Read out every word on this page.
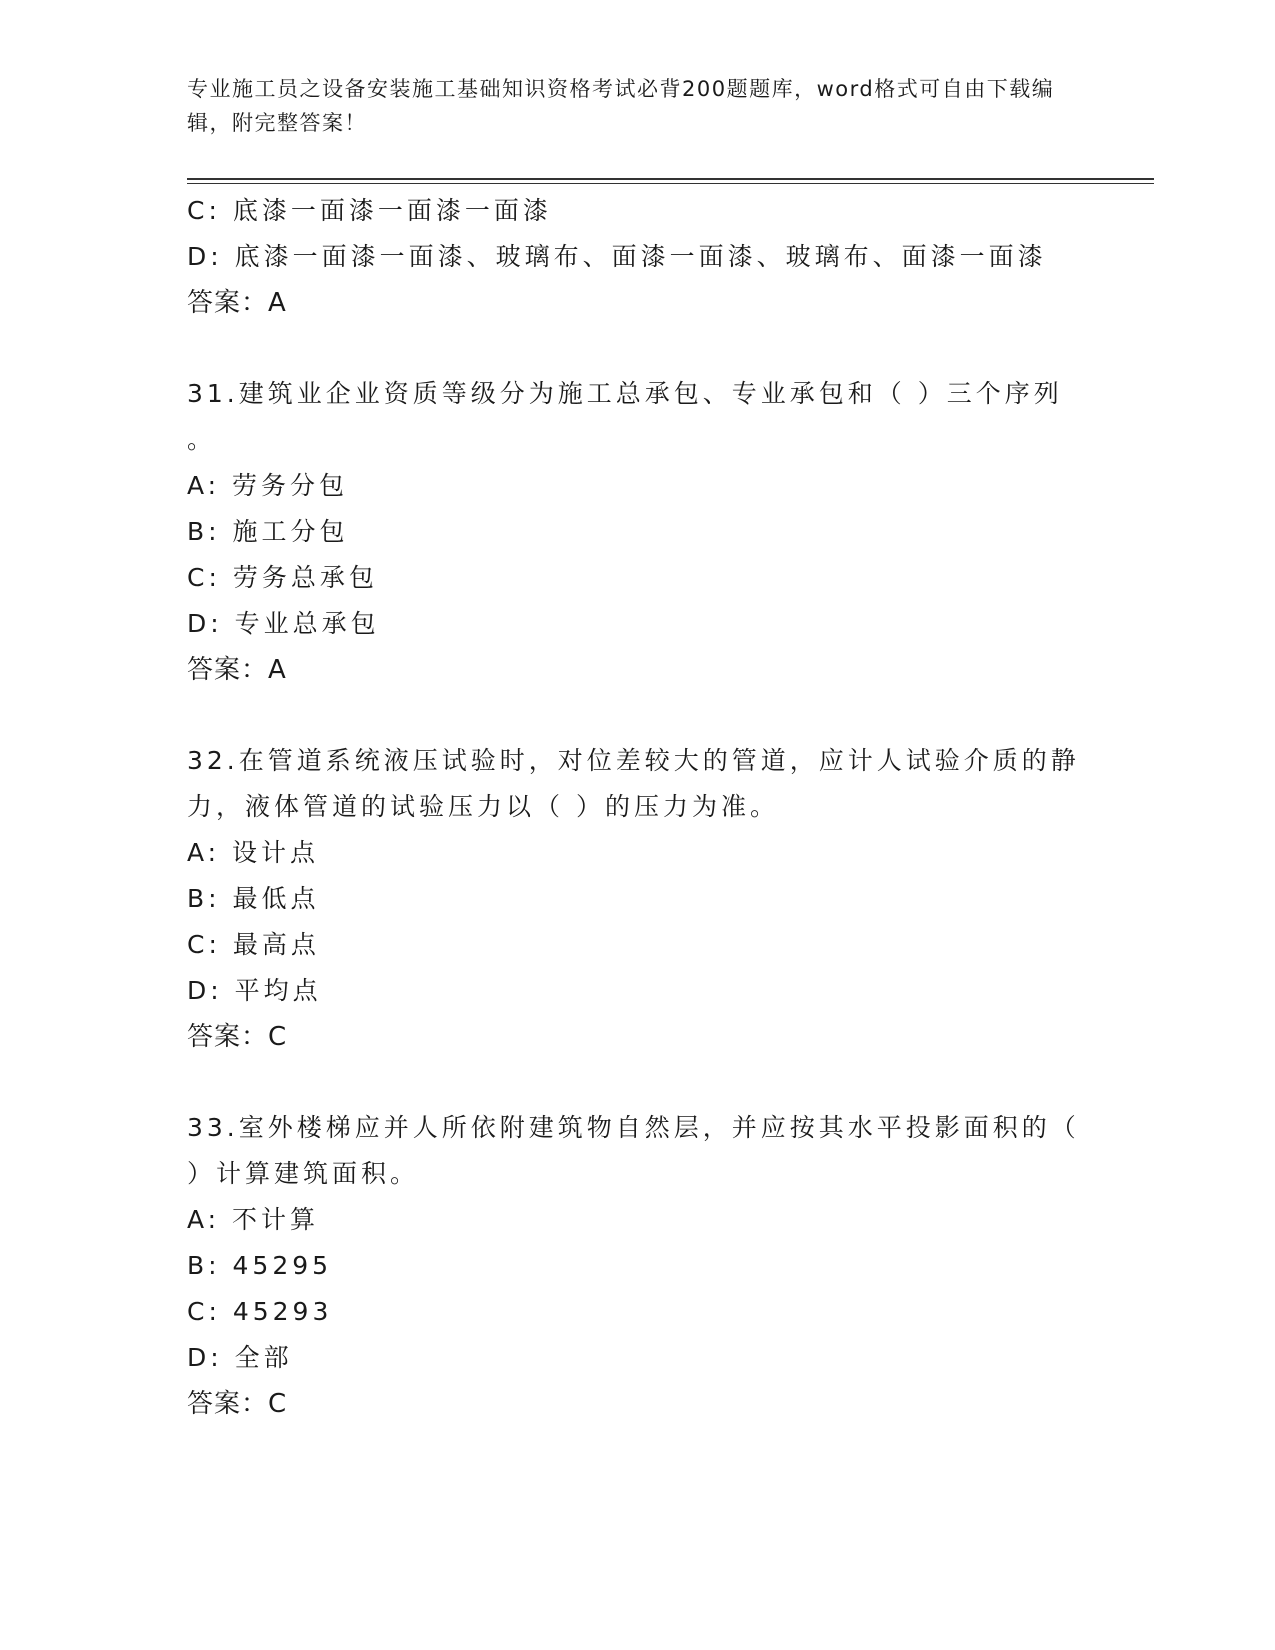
专业施工员之设备安装施工基础知识资格考试必背200题题库，word格式可自由下载编辑，附完整答案！
C: 底漆一面漆一面漆一面漆
D: 底漆一面漆一面漆、玻璃布、面漆一面漆、玻璃布、面漆一面漆
答案：A
31.建筑业企业资质等级分为施工总承包、专业承包和（ ）三个序列
。
A: 劳务分包
B: 施工分包
C: 劳务总承包
D: 专业总承包
答案：A
32.在管道系统液压试验时，对位差较大的管道，应计人试验介质的静
力，液体管道的试验压力以（ ）的压力为准。
A: 设计点
B: 最低点
C: 最高点
D: 平均点
答案：C
33.室外楼梯应并人所依附建筑物自然层，并应按其水平投影面积的（
）计算建筑面积。
A: 不计算
B: 45295
C: 45293
D: 全部
答案：C
